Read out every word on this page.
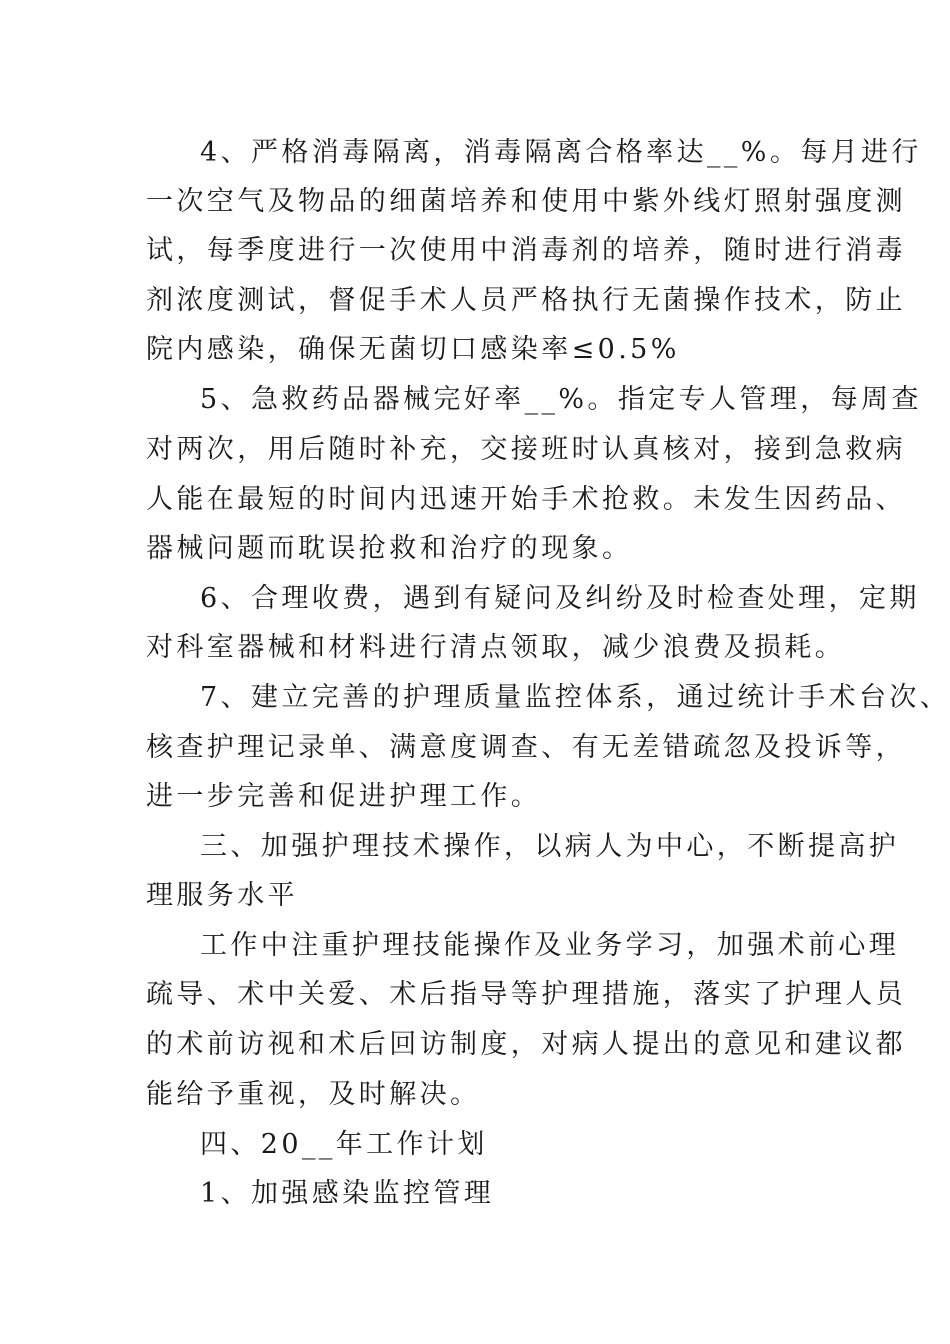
4、严格消毒隔离，消毒隔离合格率达__%。每月进行
一次空气及物品的细菌培养和使用中紫外线灯照射强度测
试，每季度进行一次使用中消毒剂的培养，随时进行消毒
剂浓度测试，督促手术人员严格执行无菌操作技术，防止
院内感染，确保无菌切口感染率≤0.5%
5、急救药品器械完好率__%。指定专人管理，每周查
对两次，用后随时补充，交接班时认真核对，接到急救病
人能在最短的时间内迅速开始手术抢救。未发生因药品、
器械问题而耽误抢救和治疗的现象。
6、合理收费，遇到有疑问及纠纷及时检查处理，定期
对科室器械和材料进行清点领取，减少浪费及损耗。
7、建立完善的护理质量监控体系，通过统计手术台次、
核查护理记录单、满意度调查、有无差错疏忽及投诉等，
进一步完善和促进护理工作。
三、加强护理技术操作，以病人为中心，不断提高护
理服务水平
工作中注重护理技能操作及业务学习，加强术前心理
疏导、术中关爱、术后指导等护理措施，落实了护理人员
的术前访视和术后回访制度，对病人提出的意见和建议都
能给予重视，及时解决。
四、20__年工作计划
1、加强感染监控管理
